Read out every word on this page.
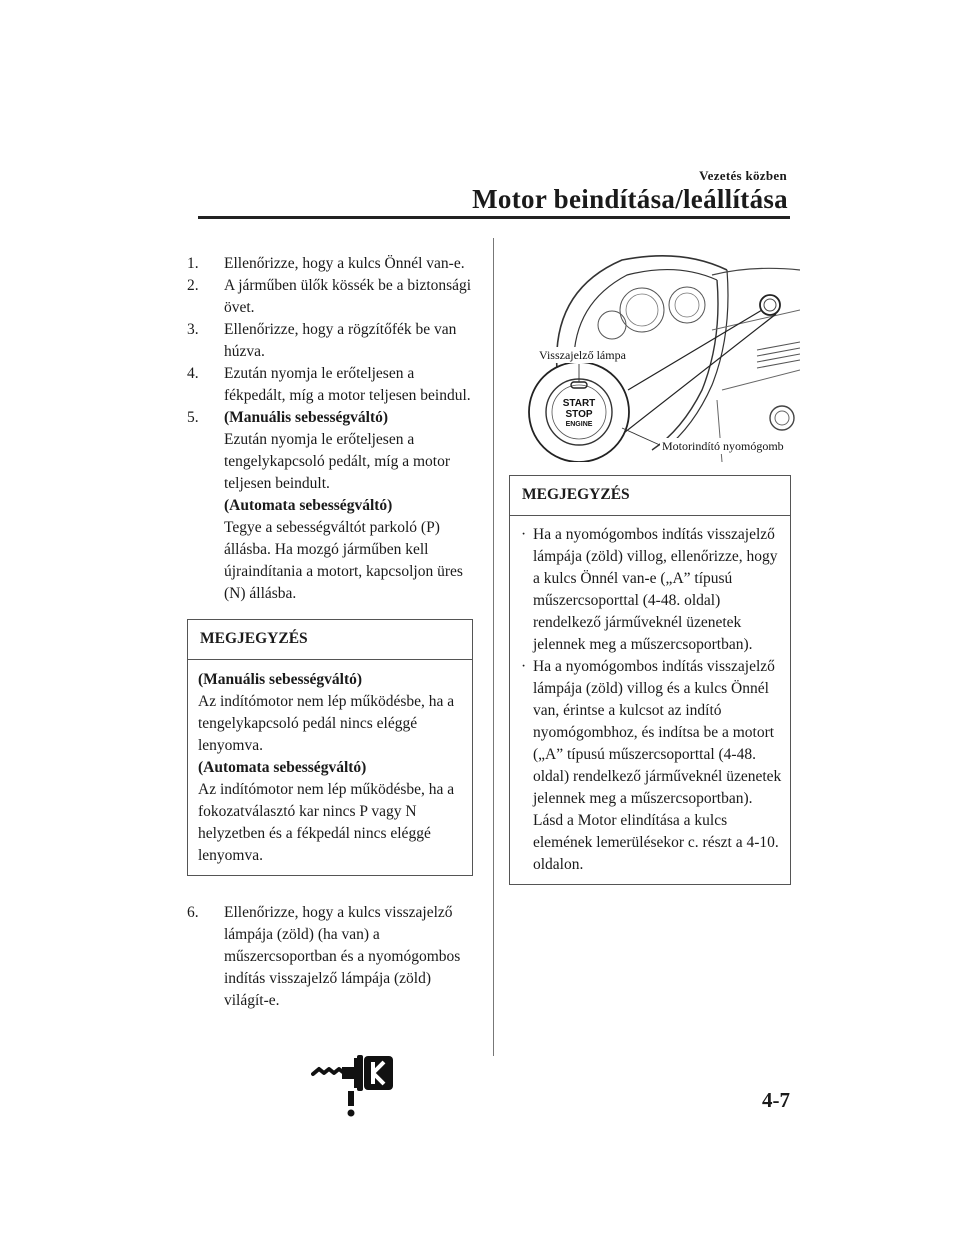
Vezetés közben
Motor beindítása/leállítása
1. Ellenőrizze, hogy a kulcs Önnél van-e.

2. A járműben ülők kössék be a biztonsági övet.

3. Ellenőrizze, hogy a rögzítőfék be van húzva.

4. Ezután nyomja le erőteljesen a fékpedált, míg a motor teljesen beindul.

5. (Manuális sebességváltó)

Ezután nyomja le erőteljesen a tengelykapcsoló pedált, míg a motor teljesen beindult.

(Automata sebességváltó)

Tegye a sebességváltót parkoló (P) állásba. Ha mozgó járműben kell újraindítania a motort, kapcsoljon üres (N) állásba.

MEGJEGYZÉS

(Manuális sebességváltó)

Az indítómotor nem lép működésbe, ha a tengelykapcsoló pedál nincs eléggé lenyomva.

(Automata sebességváltó)

Az indítómotor nem lép működésbe, ha a fokozatválasztó kar nincs P vagy N helyzetben és a fékpedál nincs eléggé lenyomva.

6. Ellenőrizze, hogy a kulcs visszajelző lámpája (zöld) (ha van) a műszercsoportban és a nyomógombos indítás visszajelző lámpája (zöld) világít-e.

START
STOP
ENGINE
Visszajelző lámpa
Motorindító nyomógomb
MEGJEGYZÉS
· Ha a nyomógombos indítás visszajelző lámpája (zöld) villog, ellenőrizze, hogy a kulcs Önnél van-e („A” típusú műszercsoporttal (4-48. oldal) rendelkező járműveknél üzenetek jelennek meg a műszercsoportban).
· Ha a nyomógombos indítás visszajelző lámpája (zöld) villog és a kulcs Önnél van, érintse a kulcsot az indító nyomógombhoz, és indítsa be a motort („A” típusú műszercsoporttal (4-48. oldal) rendelkező járműveknél üzenetek jelennek meg a műszercsoportban). Lásd a Motor elindítása a kulcs elemének lemerülésekor c. részt a 4-10. oldalon.
4-7
